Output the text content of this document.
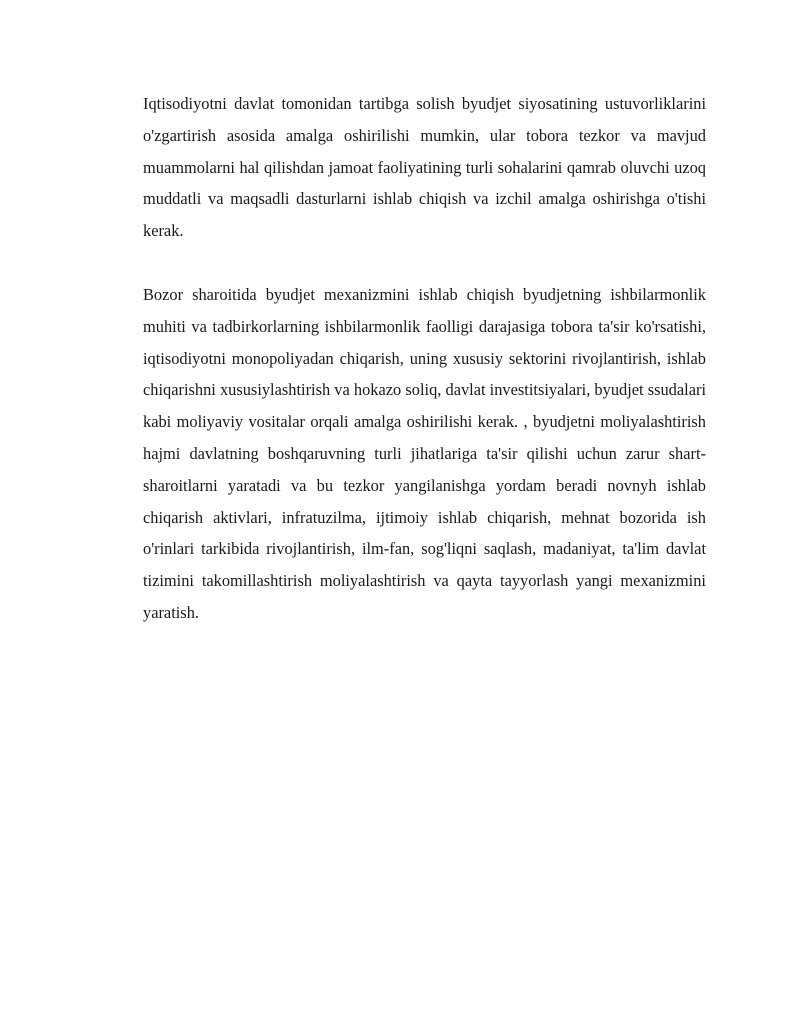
Iqtisodiyotni davlat tomonidan tartibga solish byudjet siyosatining ustuvorliklarini o'zgartirish asosida amalga oshirilishi mumkin, ular tobora tezkor va mavjud muammolarni hal qilishdan jamoat faoliyatining turli sohalarini qamrab oluvchi uzoq muddatli va maqsadli dasturlarni ishlab chiqish va izchil amalga oshirishga o'tishi kerak.

Bozor sharoitida byudjet mexanizmini ishlab chiqish byudjetning ishbilarmonlik muhiti va tadbirkorlarning ishbilarmonlik faolligi darajasiga tobora ta'sir ko'rsatishi, iqtisodiyotni monopoliyadan chiqarish, uning xususiy sektorini rivojlantirish, ishlab chiqarishni xususiylashtirish va hokazo soliq, davlat investitsiyalari, byudjet ssudalari kabi moliyaviy vositalar orqali amalga oshirilishi kerak. , byudjetni moliyalashtirish hajmi davlatning boshqaruvning turli jihatlariga ta'sir qilishi uchun zarur shart-sharoitlarni yaratadi va bu tezkor yangilanishga yordam beradi novnyh ishlab chiqarish aktivlari, infratuzilma, ijtimoiy ishlab chiqarish, mehnat bozorida ish o'rinlari tarkibida rivojlantirish, ilm-fan, sog'liqni saqlash, madaniyat, ta'lim davlat tizimini takomillashtirish moliyalashtirish va qayta tayyorlash yangi mexanizmini yaratish.
